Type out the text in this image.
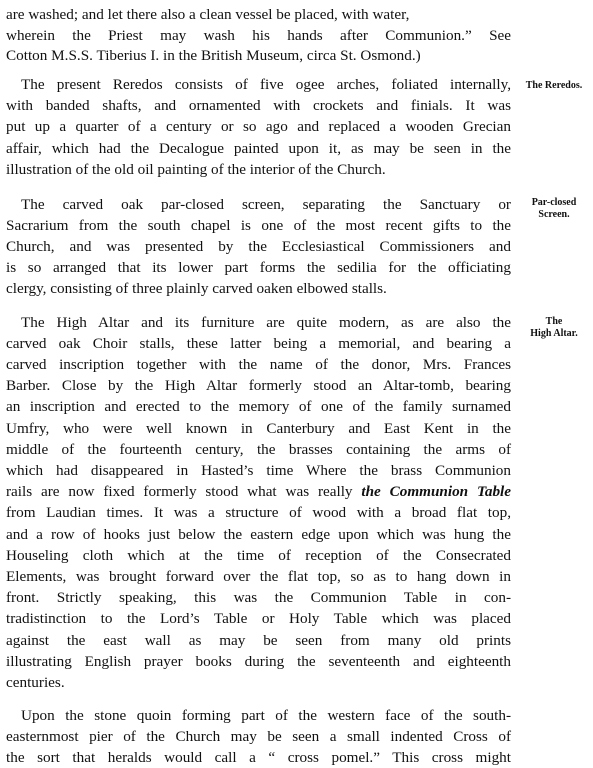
are washed; and let there also a clean vessel be placed, with water,
wherein the Priest may wash his hands after Communion.” See
Cotton M.S.S. Tiberius I. in the British Museum, circa St. Osmond.)
The present Reredos consists of five ogee arches, foliated internally,
with banded shafts, and ornamented with crockets and finials. It was
put up a quarter of a century or so ago and replaced a wooden Grecian
affair, which had the Decalogue painted upon it, as may be seen in the
illustration of the old oil painting of the interior of the Church.
The carved oak par-closed screen, separating the Sanctuary or
Sacrarium from the south chapel is one of the most recent gifts to the
Church, and was presented by the Ecclesiastical Commissioners and
is so arranged that its lower part forms the sedilia for the officiating
clergy, consisting of three plainly carved oaken elbowed stalls.
The High Altar and its furniture are quite modern, as are also the
carved oak Choir stalls, these latter being a memorial, and bearing a
carved inscription together with the name of the donor, Mrs. Frances
Barber. Close by the High Altar formerly stood an Altar-tomb, bearing
an inscription and erected to the memory of one of the family surnamed
Umfry, who were well known in Canterbury and East Kent in the
middle of the fourteenth century, the brasses containing the arms of
which had disappeared in Hasted’s time Where the brass Communion
rails are now fixed formerly stood what was really the Communion Table
from Laudian times. It was a structure of wood with a broad flat top,
and a row of hooks just below the eastern edge upon which was hung the
Houseling cloth which at the time of reception of the Consecrated
Elements, was brought forward over the flat top, so as to hang down in
front. Strictly speaking, this was the Communion Table in con-
tradistinction to the Lord’s Table or Holy Table which was placed
against the east wall as may be seen from many old prints
illustrating English prayer books during the seventeenth and eighteenth
centuries.
Upon the stone quoin forming part of the western face of the south-
easternmost pier of the Church may be seen a small indented Cross of
the sort that heralds would call a “ cross pomel.” This cross might
The Reredos.
Par-closed
Screen.
The
High Altar.
